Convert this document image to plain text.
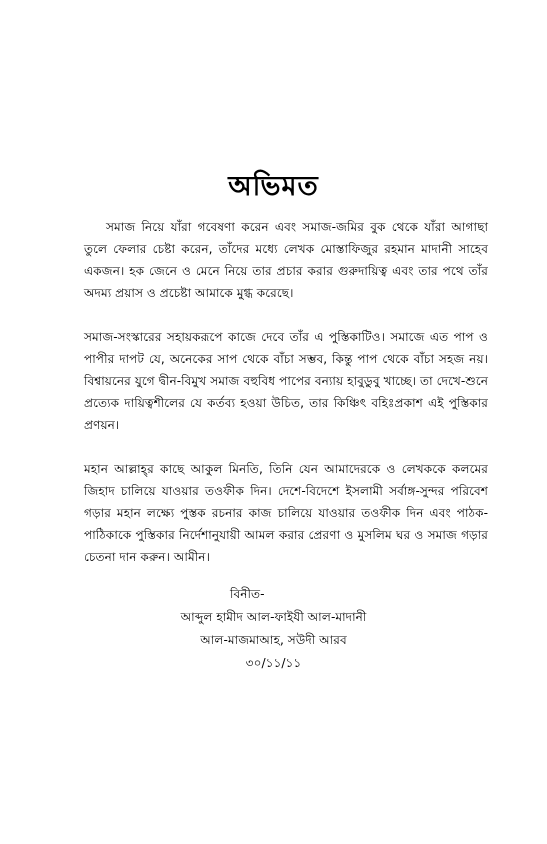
অভিমত

সমাজ নিয়ে যাঁরা গবেষণা করেন এবং সমাজ-জমির বুক থেকে যাঁরা আগাছা তুলে ফেলার চেষ্টা করেন, তাঁদের মধ্যে লেখক মোস্তাফিজুর রহমান মাদানী সাহেব একজন। হক জেনে ও মেনে নিয়ে তার প্রচার করার গুরুদায়িত্ব এবং তার পথে তাঁর অদম্য প্রয়াস ও প্রচেষ্টা আমাকে মুগ্ধ করেছে।

সমাজ-সংস্কারের সহায়করূপে কাজে দেবে তাঁর এ পুস্তিকাটিও। সমাজে এত পাপ ও পাপীর দাপট যে, অনেকের সাপ থেকে বাঁচা সম্ভব, কিন্তু পাপ থেকে বাঁচা সহজ নয়। বিশ্বায়নের যুগে দ্বীন-বিমুখ সমাজ বহুবিধ পাপের বন্যায় হাবুডুবু খাচ্ছে। তা দেখে-শুনে প্রত্যেক দায়িত্বশীলের যে কর্তব্য হওয়া উচিত, তার কিঞ্চিৎ বহিঃপ্রকাশ এই পুস্তিকার প্রণয়ন।

মহান আল্লাহ্‌র কাছে আকুল মিনতি, তিনি যেন আমাদেরকে ও লেখককে কলমের জিহাদ চালিয়ে যাওয়ার তওফীক দিন। দেশে-বিদেশে ইসলামী সর্বাঙ্গ-সুন্দর পরিবেশ গড়ার মহান লক্ষ্যে পুস্তক রচনার কাজ চালিয়ে যাওয়ার তওফীক দিন এবং পাঠক-পাঠিকাকে পুস্তিকার নির্দেশানুযায়ী আমল করার প্রেরণা ও মুসলিম ঘর ও সমাজ গড়ার চেতনা দান করুন। আমীন।

বিনীত-
আব্দুল হামীদ আল-ফাইযী আল-মাদানী
আল-মাজমাআহ, সউদী আরব
৩০/১১/১১
